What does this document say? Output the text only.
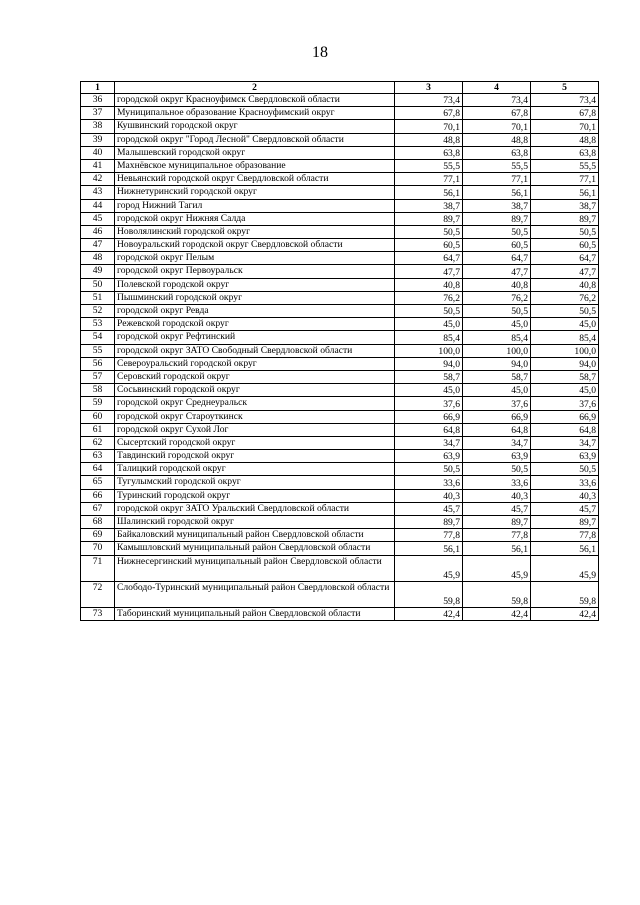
18
1	2	3	4	5
36	городской округ Красноуфимск Свердловской области	73,4	73,4	73,4
37	Муниципальное образование Красноуфимский округ	67,8	67,8	67,8
38	Кушвинский городской округ	70,1	70,1	70,1
39	городской округ "Город Лесной" Свердловской области	48,8	48,8	48,8
40	Малышевский городской округ	63,8	63,8	63,8
41	Махнёвское муниципальное образование	55,5	55,5	55,5
42	Невьянский городской округ Свердловской области	77,1	77,1	77,1
43	Нижнетуринский городской округ	56,1	56,1	56,1
44	город Нижний Тагил	38,7	38,7	38,7
45	городской округ Нижняя Салда	89,7	89,7	89,7
46	Новолялинский городской округ	50,5	50,5	50,5
47	Новоуральский городской округ Свердловской области	60,5	60,5	60,5
48	городской округ Пелым	64,7	64,7	64,7
49	городской округ Первоуральск	47,7	47,7	47,7
50	Полевской городской округ	40,8	40,8	40,8
51	Пышминский городской округ	76,2	76,2	76,2
52	городской округ Ревда	50,5	50,5	50,5
53	Режевской городской округ	45,0	45,0	45,0
54	городской округ Рефтинский	85,4	85,4	85,4
55	городской округ ЗАТО Свободный Свердловской области	100,0	100,0	100,0
56	Североуральский городской округ	94,0	94,0	94,0
57	Серовский городской округ	58,7	58,7	58,7
58	Сосьвинский городской округ	45,0	45,0	45,0
59	городской округ Среднеуральск	37,6	37,6	37,6
60	городской округ Староуткинск	66,9	66,9	66,9
61	городской округ Сухой Лог	64,8	64,8	64,8
62	Сысертский городской округ	34,7	34,7	34,7
63	Тавдинский городской округ	63,9	63,9	63,9
64	Талицкий городской округ	50,5	50,5	50,5
65	Тугулымский городской округ	33,6	33,6	33,6
66	Туринский городской округ	40,3	40,3	40,3
67	городской округ ЗАТО Уральский Свердловской области	45,7	45,7	45,7
68	Шалинский городской округ	89,7	89,7	89,7
69	Байкаловский муниципальный район Свердловской области	77,8	77,8	77,8
70	Камышловский муниципальный район Свердловской области	56,1	56,1	56,1
71	Нижнесергинский муниципальный район Свердловской области	45,9	45,9	45,9
72	Слободо-Туринский муниципальный район Свердловской области	59,8	59,8	59,8
73	Таборинский муниципальный район Свердловской области	42,4	42,4	42,4
